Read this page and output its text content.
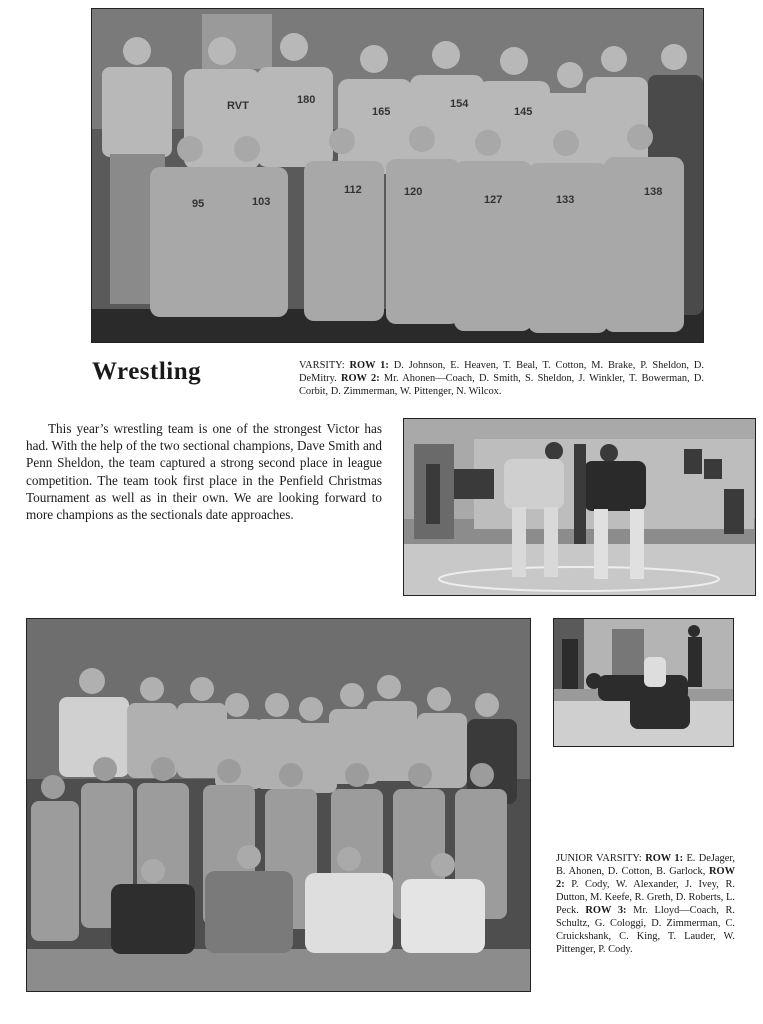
RVT	180
165
154
145
95	103
112	120
127	133
138
Wrestling	VARSITY: ROW 1: D. Johnson, E. Heaven, T. Beal, T. Cotton, M. Brake, P. Sheldon, D. DeMitry. ROW 2: Mr. Ahonen—Coach, D. Smith, S. Sheldon, J. Winkler, T. Bowerman, D. Corbit, D. Zimmerman, W. Pittenger, N. Wilcox.
This year’s wrestling team is one of the strongest Victor has had. With the help of the two sectional champions, Dave Smith and Penn Sheldon, the team captured a strong second place in league competition. The team took first place in the Penfield Christmas Tournament as well as in their own. We are looking forward to more champions as the sectionals date approaches.
JUNIOR VARSITY: ROW 1: E. DeJager, B. Ahonen, D. Cotton, B. Garlock, ROW 2: P. Cody, W. Alexander, J. Ivey, R. Dutton, M. Keefe, R. Greth, D. Roberts, L. Peck. ROW 3: Mr. Lloyd—Coach, R. Schultz, G. Cologgi, D. Zimmerman, C. Cruickshank, C. King, T. Lauder, W. Pittenger, P. Cody.
